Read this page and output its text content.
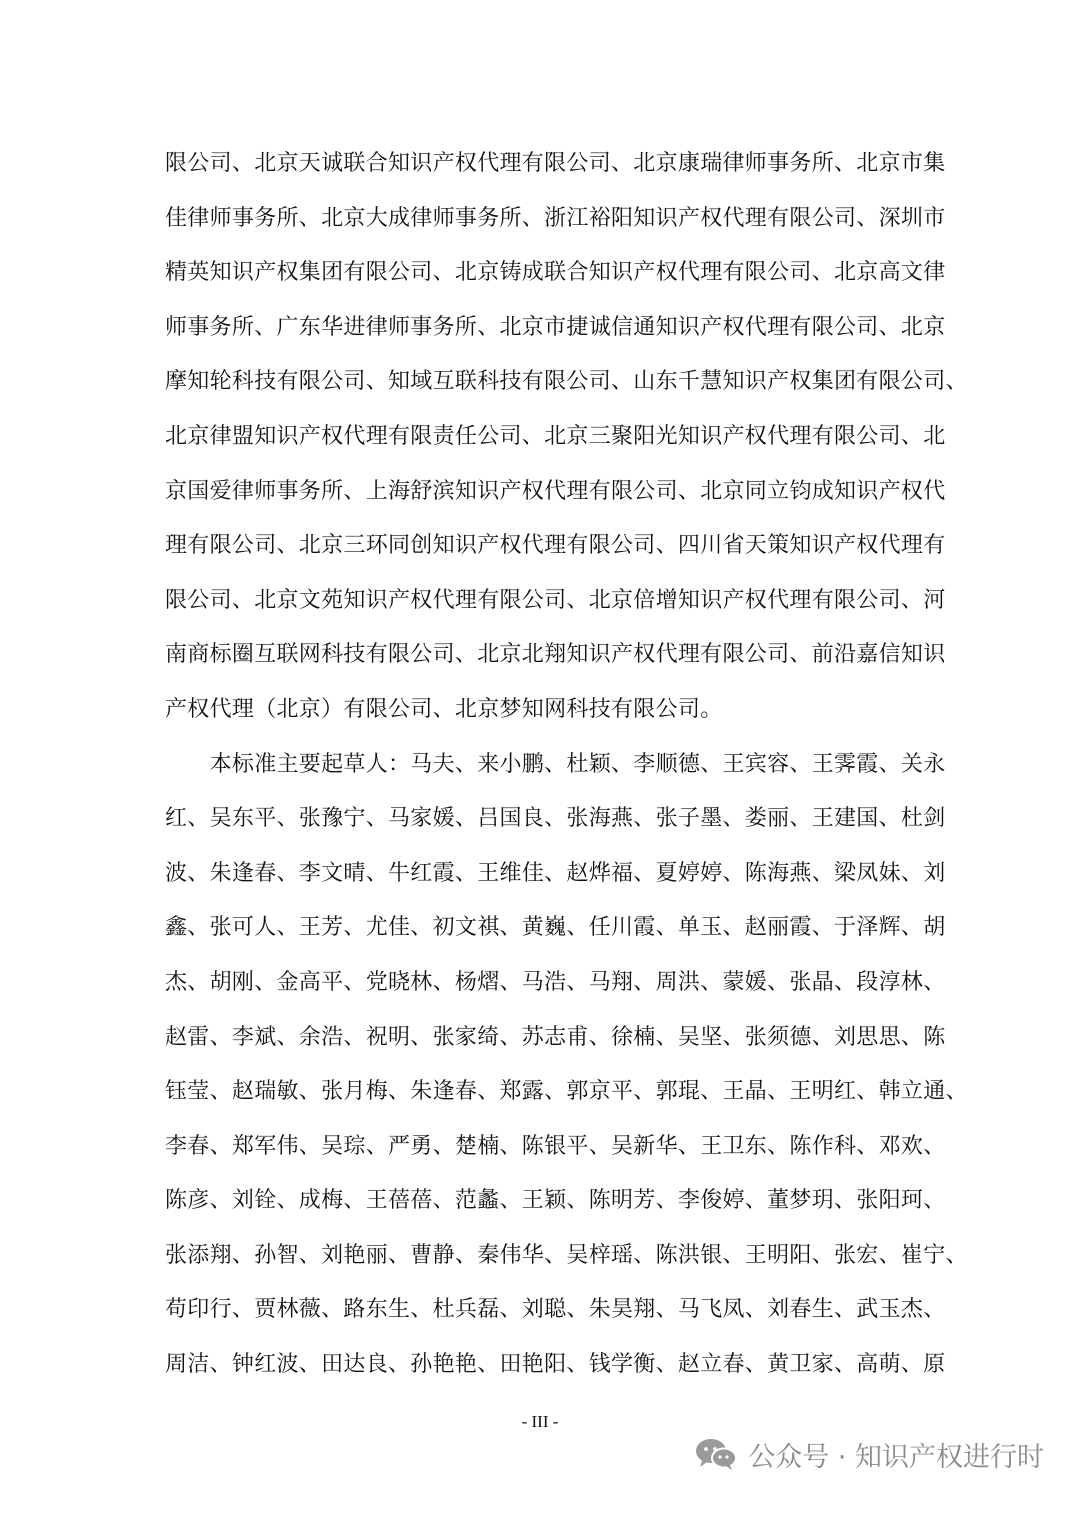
限公司、北京天诚联合知识产权代理有限公司、北京康瑞律师事务所、北京市集
佳律师事务所、北京大成律师事务所、浙江裕阳知识产权代理有限公司、深圳市
精英知识产权集团有限公司、北京铸成联合知识产权代理有限公司、北京高文律
师事务所、广东华进律师事务所、北京市捷诚信通知识产权代理有限公司、北京
摩知轮科技有限公司、知域互联科技有限公司、山东千慧知识产权集团有限公司、
北京律盟知识产权代理有限责任公司、北京三聚阳光知识产权代理有限公司、北
京国爱律师事务所、上海舒滨知识产权代理有限公司、北京同立钧成知识产权代
理有限公司、北京三环同创知识产权代理有限公司、四川省天策知识产权代理有
限公司、北京文苑知识产权代理有限公司、北京倍增知识产权代理有限公司、河
南商标圈互联网科技有限公司、北京北翔知识产权代理有限公司、前沿嘉信知识
产权代理（北京）有限公司、北京梦知网科技有限公司。
　　本标准主要起草人：马夫、来小鹏、杜颖、李顺德、王宾容、王霁霞、关永
红、吴东平、张豫宁、马家媛、吕国良、张海燕、张子墨、娄丽、王建国、杜剑
波、朱逢春、李文晴、牛红霞、王维佳、赵烨福、夏婷婷、陈海燕、梁凤妹、刘
鑫、张可人、王芳、尤佳、初文祺、黄巍、任川霞、单玉、赵丽霞、于泽辉、胡
杰、胡刚、金高平、党晓林、杨熠、马浩、马翔、周洪、蒙媛、张晶、段淳林、
赵雷、李斌、余浩、祝明、张家绮、苏志甫、徐楠、吴坚、张须德、刘思思、陈
钰莹、赵瑞敏、张月梅、朱逢春、郑露、郭京平、郭琨、王晶、王明红、韩立通、
李春、郑军伟、吴琮、严勇、楚楠、陈银平、吴新华、王卫东、陈作科、邓欢、
陈彦、刘铨、成梅、王蓓蓓、范蠡、王颖、陈明芳、李俊婷、董梦玥、张阳珂、
张添翔、孙智、刘艳丽、曹静、秦伟华、吴梓瑶、陈洪银、王明阳、张宏、崔宁、
苟印行、贾林薇、路东生、杜兵磊、刘聪、朱昊翔、马飞凤、刘春生、武玉杰、
周洁、钟红波、田达良、孙艳艳、田艳阳、钱学衡、赵立春、黄卫家、高萌、原
- III -
公众号 · 知识产权进行时
